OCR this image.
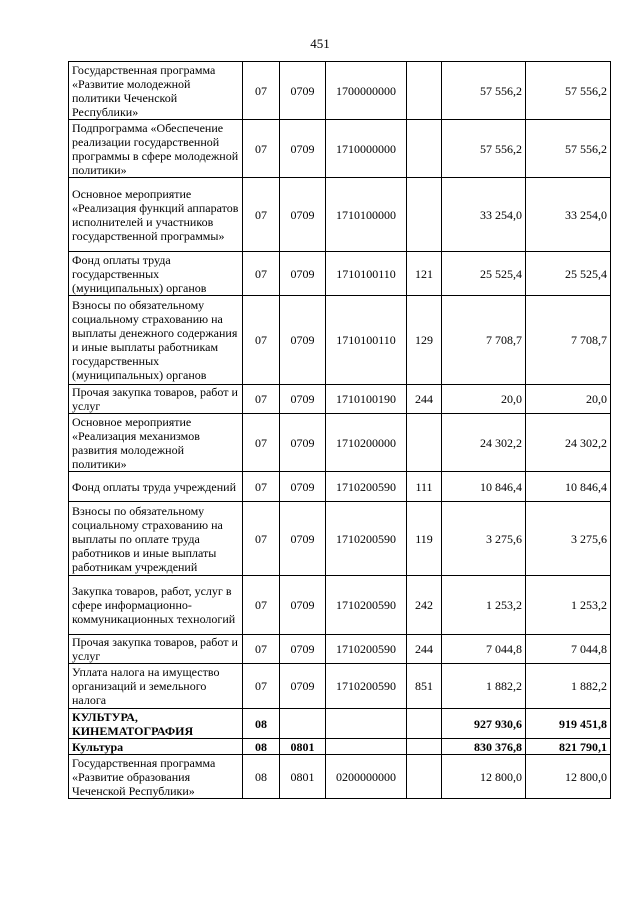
451
Государственная программа «Развитие молодежной политики Чеченской Республики»	07	0709	1700000000		57 556,2	57 556,2
Подпрограмма «Обеспечение реализации государственной программы в сфере молодежной политики»	07	0709	1710000000		57 556,2	57 556,2
Основное мероприятие «Реализация функций аппаратов исполнителей и участников государственной программы»	07	0709	1710100000		33 254,0	33 254,0
Фонд оплаты труда государственных (муниципальных) органов	07	0709	1710100110	121	25 525,4	25 525,4
Взносы по обязательному социальному страхованию на выплаты денежного содержания и иные выплаты работникам государственных (муниципальных) органов	07	0709	1710100110	129	7 708,7	7 708,7
Прочая закупка товаров, работ и услуг	07	0709	1710100190	244	20,0	20,0
Основное мероприятие «Реализация механизмов развития молодежной политики»	07	0709	1710200000		24 302,2	24 302,2
Фонд оплаты труда учреждений	07	0709	1710200590	111	10 846,4	10 846,4
Взносы по обязательному социальному страхованию на выплаты по оплате труда работников и иные выплаты работникам учреждений	07	0709	1710200590	119	3 275,6	3 275,6
Закупка товаров, работ, услуг в сфере информационно-коммуникационных технологий	07	0709	1710200590	242	1 253,2	1 253,2
Прочая закупка товаров, работ и услуг	07	0709	1710200590	244	7 044,8	7 044,8
Уплата налога на имущество организаций и земельного налога	07	0709	1710200590	851	1 882,2	1 882,2
КУЛЬТУРА, КИНЕМАТОГРАФИЯ	08				927 930,6	919 451,8
Культура	08	0801			830 376,8	821 790,1
Государственная программа «Развитие образования Чеченской Республики»	08	0801	0200000000		12 800,0	12 800,0
